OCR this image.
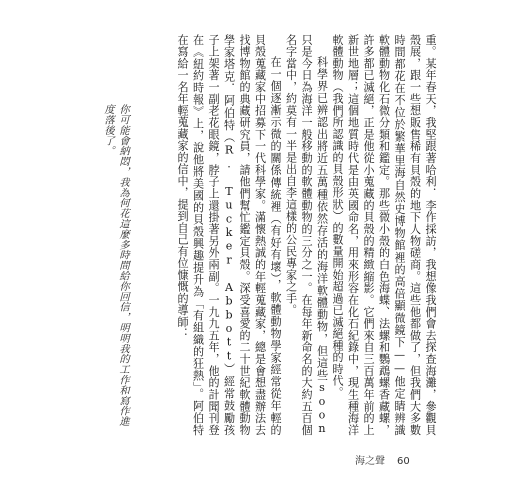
重。某年春天，我堅跟著哈利．李作採訪，我想像我們會去探查海灘，參觀貝殼展，跟一些想販售稀有貝殼的地下人物磋商。這些他都做了，但我們大多數時間都花在不位於繁華里海自然史博物館裡的高倍顯微鏡下——他定睛辨識軟體動物化石微分類和鑑定。那些微小殼的白色海蝶、法螺和鸚鵡螺香藏螺，許多都已滅絕，正是他從小蒐藏的貝殼的精緻縮影。它們來自三百萬年前的上新世地層；這個地質時代是由英國命名，用來形容在化石紀錄中，現生種海洋軟體動物（我們所認識的貝殼形狀）的數量開始超過已滅絕種的時代。

科學界已辨認出將近五萬種依然存活的海洋軟體動物，但這些soon只是今日為海洋一般移動的軟體動物的三分之一。在每年新命名的大約五百個名字當中，約莫有一半是出自李這樣的公民專家之手。

在一個逐漸示微的關係傳統裡（有好有壞），軟體動物學家經常從年輕的貝殼蒐藏家中招募下一代科學家。滿懷熱誠的年輕蒐藏家，總是會想盡辦法去找博物館的典藏研究員，請他們幫忙鑑定貝殼。深受喜愛的二十世紀軟體動物學家塔克．阿伯特（R. Tucker Abbott）經常鼓勵孩子上架著一副老花眼鏡，脖子上還掛著另外兩副。一九九五年，他的計聞刊登在《紐約時報》上，說他將美國的貝殼興趣提升為「有組織的狂熱」。阿伯特在寫給一名年輕蒐藏家的信中，提到自己有位慷慨的導師：

你可能會納悶，我為何花這麼多時間給你回信，明明我的工作和寫作進度落後了。
海之聲 60
